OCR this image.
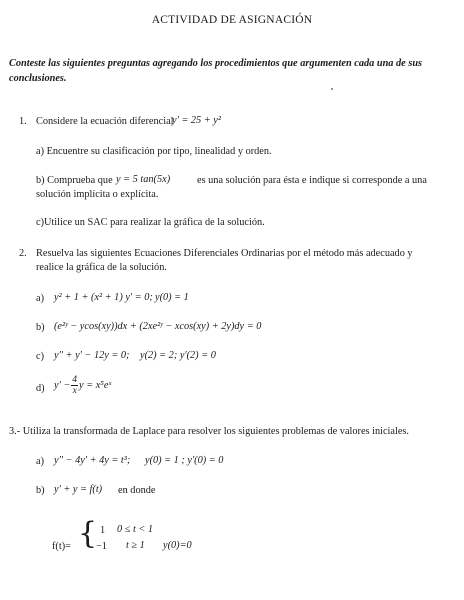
ACTIVIDAD DE ASIGNACIÓN
Conteste las siguientes preguntas agregando los procedimientos que argumenten cada una de sus conclusiones.
1. Considere la ecuación diferencial
y' = 25 + y²
a) Encuentre su clasificación por tipo, linealidad y orden.
b) Comprueba que y = 5 tan(5x)	es una solución para ésta e indique si corresponde a una
solución implícita o explícita.
c)Utilice un SAC para realizar la gráfica de la solución.
2. Resuelva las siguientes Ecuaciones Diferenciales Ordinarias por el método más adecuado y
realice la gráfica de la solución.
a) y² + 1 + (x² + 1) y' = 0; y(0) = 1
b) (e²ʸ − ycos(xy))dx + (2xe²ʸ − xcos(xy) + 2y)dy = 0
c) y'' + y' − 12y = 0; y(2) = 2; y'(2) = 0
d) $y' - \frac{4}{x}$ y = x⁵eˣ
3.- Utiliza la transformada de Laplace para resolver los siguientes problemas de valores iniciales.
a) y'' − 4y' + 4y = t³; y(0) = 1 ; y'(0) = 0
b) y' + y = f(t) en donde
f(t)= { 1 0 ≤ t < 1
−1 t ≥ 1 y(0)=0
